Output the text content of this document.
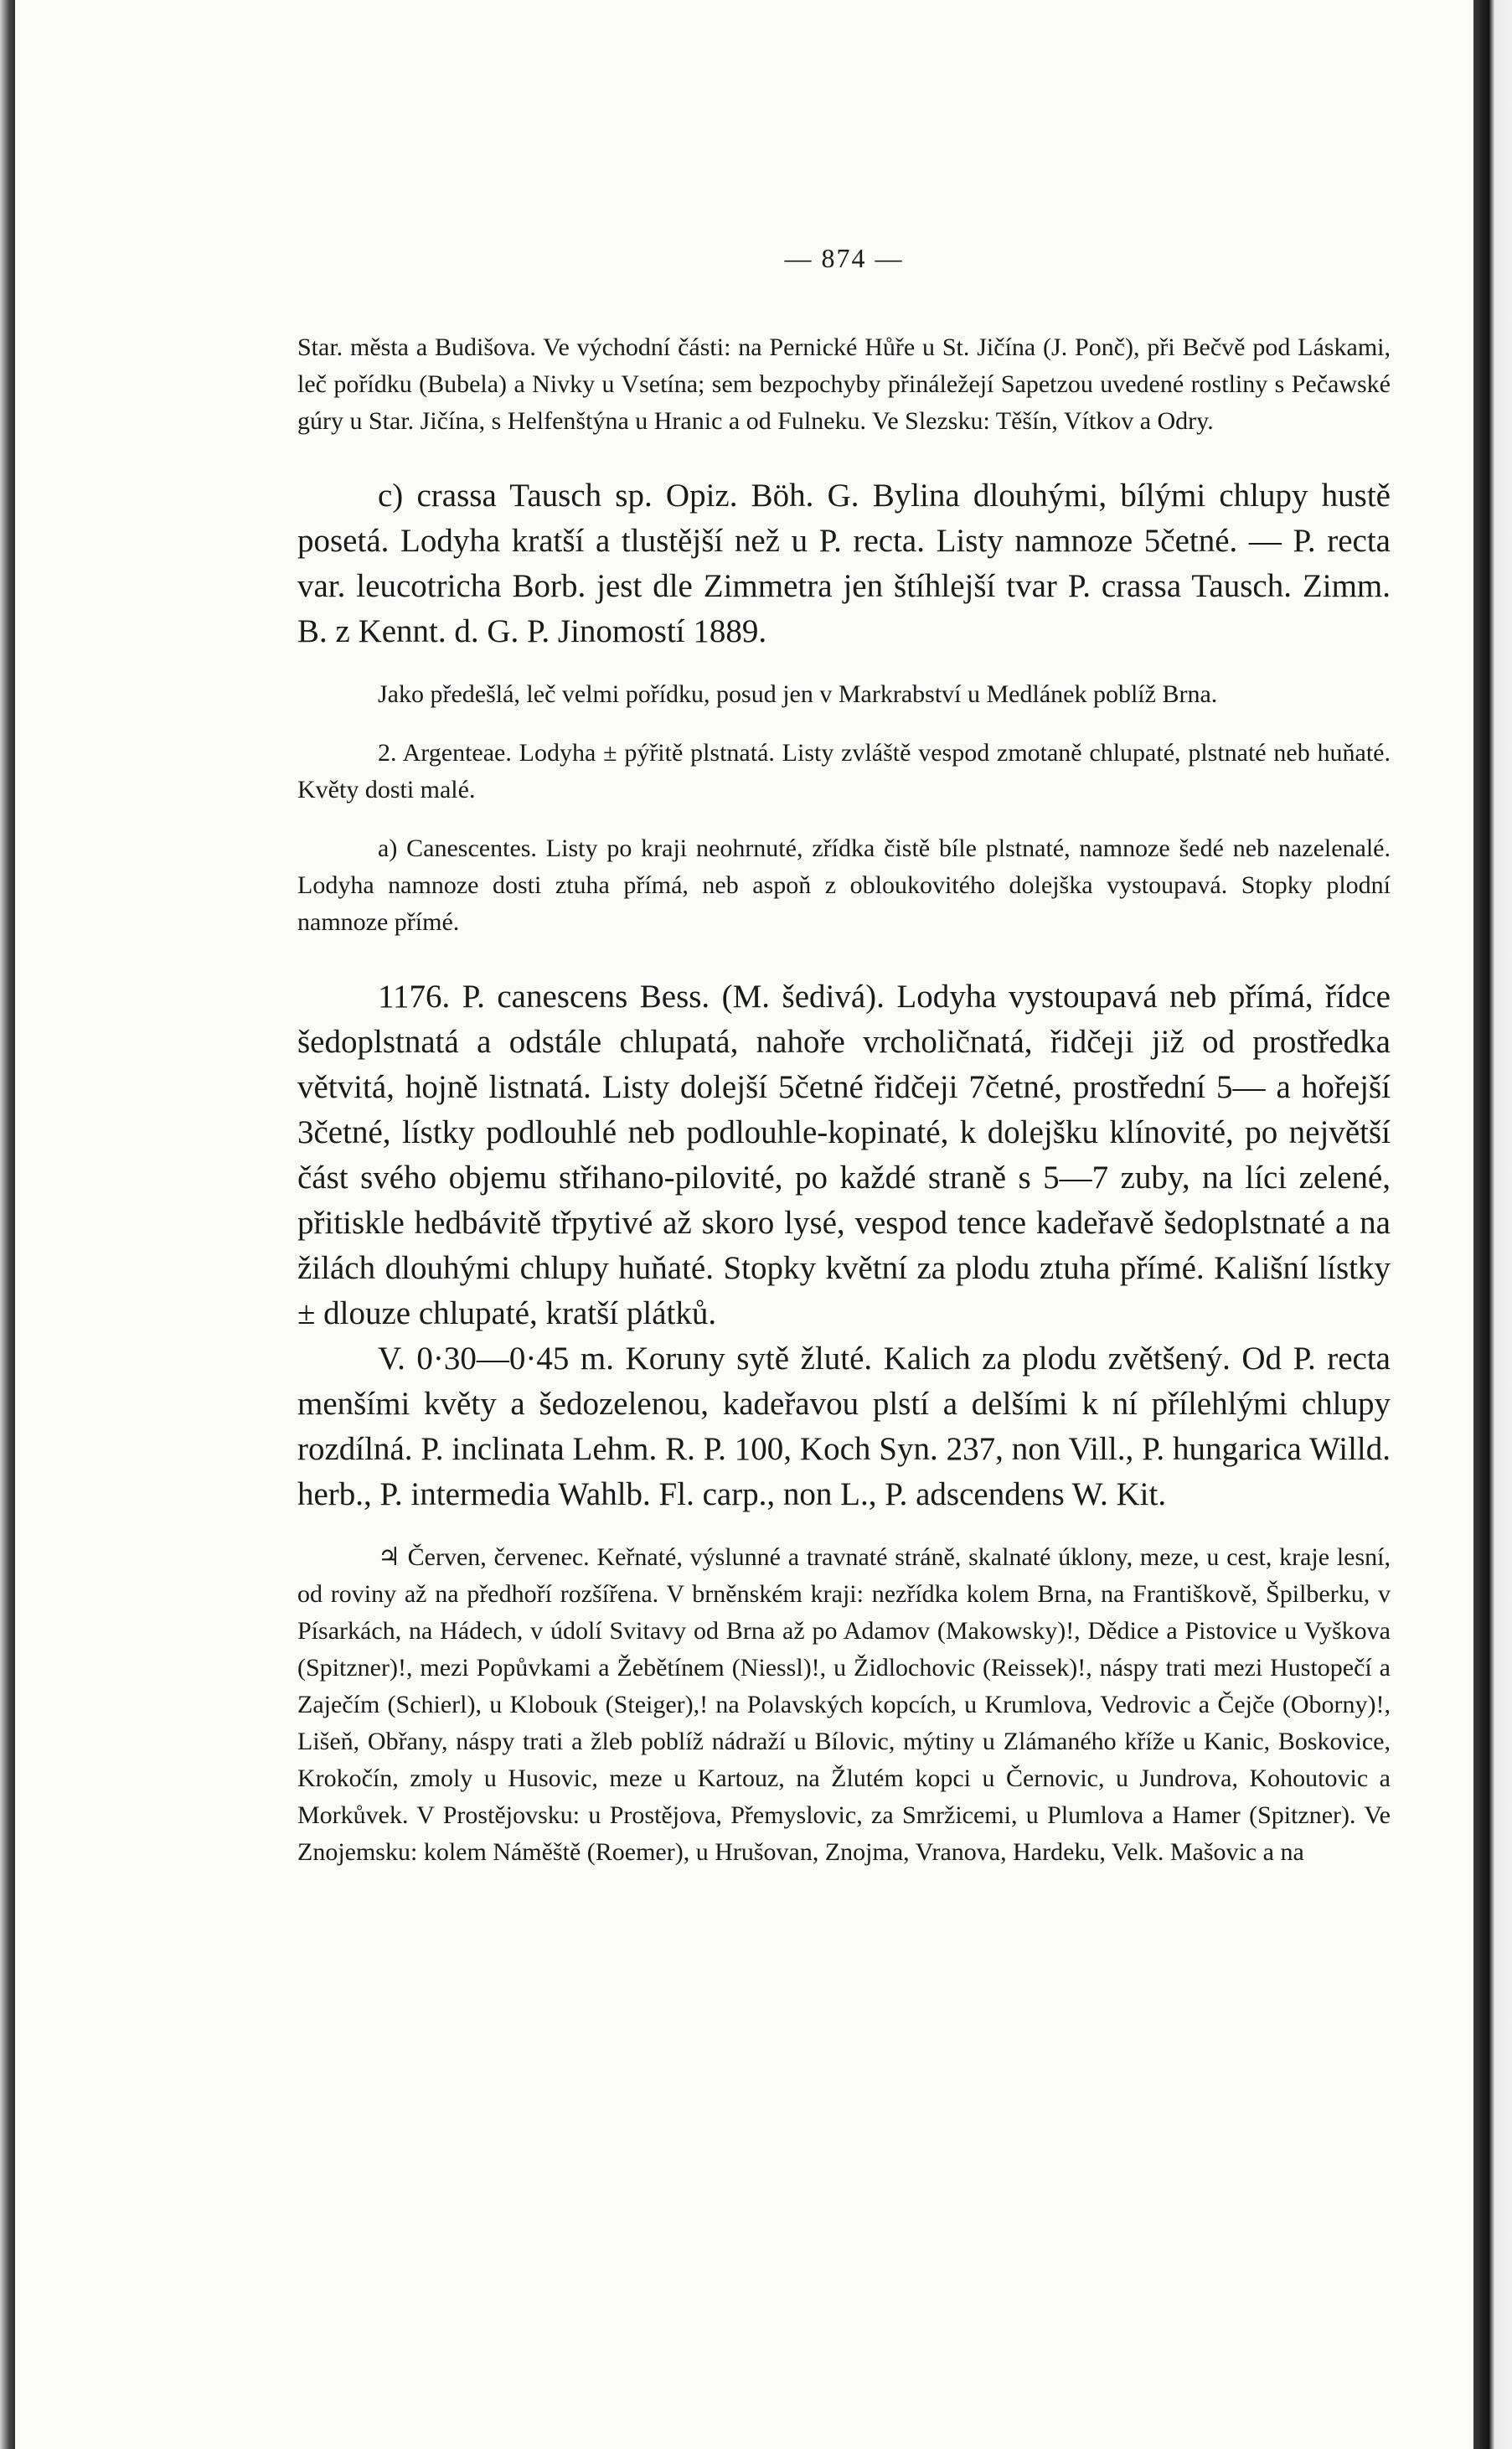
— 874 —

Star. města a Budišova. Ve východní části: na Pernické Hůře u St. Jičína (J. Ponč), při Bečvě pod Láskami, leč pořídku (Bubela) a Nivky u Vsetína; sem bezpochyby přináležejí Sapetzou uvedené rostliny s Pečawské gúry u Star. Jičína, s Helfenštýna u Hranic a od Fulneku. Ve Slezsku: Těšín, Vítkov a Odry.

c) crassa Tausch sp. Opiz. Böh. G. Bylina dlouhými, bílými chlupy hustě posetá. Lodyha kratší a tlustější než u P. recta. Listy namnoze 5četné. — P. recta var. leucotricha Borb. jest dle Zimmetra jen štíhlejší tvar P. crassa Tausch. Zimm. B. z Kennt. d. G. P. Jinomostí 1889.

Jako předešlá, leč velmi pořídku, posud jen v Markrabství u Medlánek poblíž Brna.

2. Argenteae. Lodyha ± pýřitě plstnatá. Listy zvláště vespod zmotaně chlupaté, plstnaté neb huňaté. Květy dosti malé.

a) Canescentes. Listy po kraji neohrnuté, zřídka čistě bíle plstnaté, namnoze šedé neb nazelenalé. Lodyha namnoze dosti ztuha přímá, neb aspoň z obloukovitého dolejška vystoupavá. Stopky plodní namnoze přímé.

1176. P. canescens Bess. (M. šedivá). Lodyha vystoupavá neb přímá, řídce šedoplstnatá a odstále chlupatá, nahoře vrcholičnatá, řidčeji již od prostředka větvitá, hojně listnatá. Listy dolejší 5četné řidčeji 7četné, prostřední 5— a hořejší 3četné, lístky podlouhlé neb podlouhle-kopinaté, k dolejšku klínovité, po největší část svého objemu střihano-pilovité, po každé straně s 5—7 zuby, na líci zelené, přitiskle hedbávitě třpytivé až skoro lysé, vespod tence kadeřavě šedoplstnaté a na žilách dlouhými chlupy huňaté. Stopky květní za plodu ztuha přímé. Kališní lístky ± dlouze chlupaté, kratší plátků.

V. 0·30—0·45 m. Koruny sytě žluté. Kalich za plodu zvětšený. Od P. recta menšími květy a šedozelenou, kadeřavou plstí a delšími k ní přílehlými chlupy rozdílná. P. inclinata Lehm. R. P. 100, Koch Syn. 237, non Vill., P. hungarica Willd. herb., P. intermedia Wahlb. Fl. carp., non L., P. adscendens W. Kit.

♃ Červen, červenec. Keřnaté, výslunné a travnaté stráně, skalnaté úklony, meze, u cest, kraje lesní, od roviny až na předhoří rozšířena. V brněnském kraji: nezřídka kolem Brna, na Františkově, Špilberku, v Písarkách, na Hádech, v údolí Svitavy od Brna až po Adamov (Makowsky)!, Dědice a Pistovice u Vyškova (Spitzner)!, mezi Popůvkami a Žebětínem (Niessl)!, u Židlochovic (Reissek)!, náspy trati mezi Hustopečí a Zaječím (Schierl), u Klobouk (Steiger),! na Polavských kopcích, u Krumlova, Vedrovic a Čejče (Oborny)!, Lišeň, Obřany, náspy trati a žleb poblíž nádraží u Bílovic, mýtiny u Zlámaného kříže u Kanic, Boskovice, Krokočín, zmoly u Husovic, meze u Kartouz, na Žlutém kopci u Černovic, u Jundrova, Kohoutovic a Morkůvek. V Prostějovsku: u Prostějova, Přemyslovic, za Smržicemi, u Plumlova a Hamer (Spitzner). Ve Znojemsku: kolem Náměště (Roemer), u Hrušovan, Znojma, Vranova, Hardeku, Velk. Mašovic a na
